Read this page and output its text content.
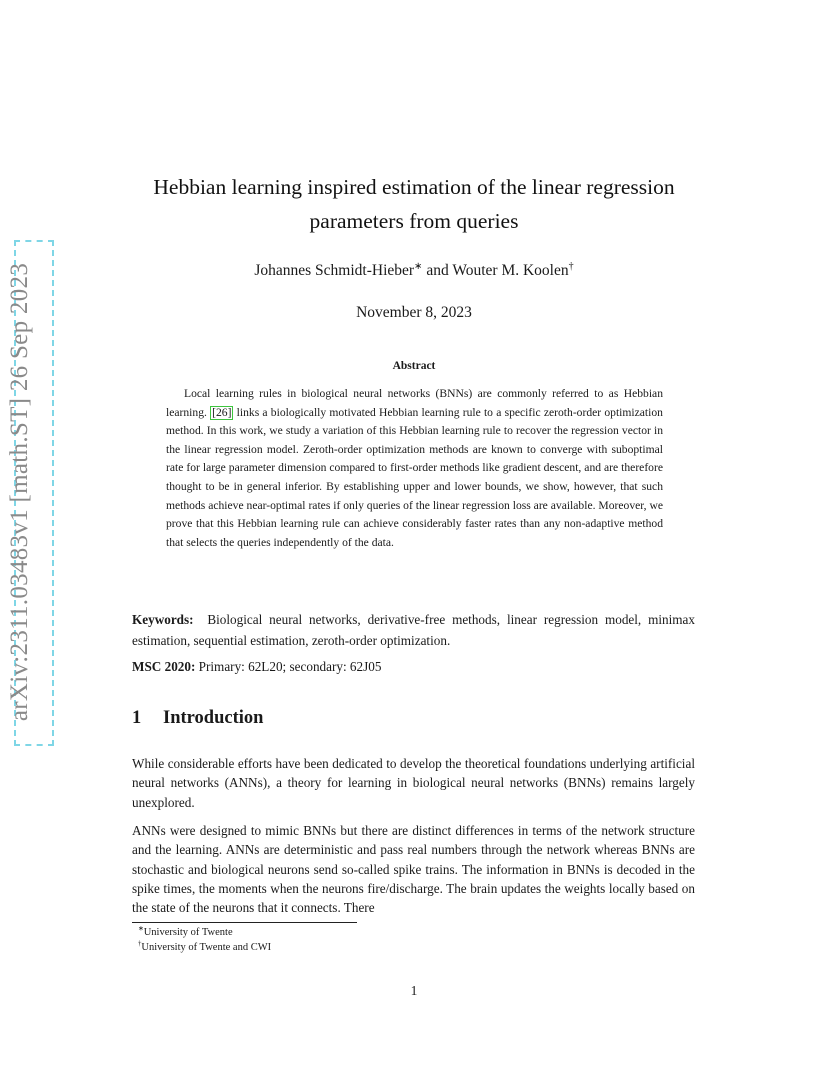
arXiv:2311.03483v1 [math.ST] 26 Sep 2023
Hebbian learning inspired estimation of the linear regression
parameters from queries
Johannes Schmidt-Hieber∗ and Wouter M. Koolen†
November 8, 2023
Abstract
Local learning rules in biological neural networks (BNNs) are commonly referred to as Hebbian learning. [26] links a biologically motivated Hebbian learning rule to a specific zeroth-order optimization method. In this work, we study a variation of this Hebbian learning rule to recover the regression vector in the linear regression model. Zeroth-order optimization methods are known to converge with suboptimal rate for large parameter dimension compared to first-order methods like gradient descent, and are therefore thought to be in general inferior. By establishing upper and lower bounds, we show, however, that such methods achieve near-optimal rates if only queries of the linear regression loss are available. Moreover, we prove that this Hebbian learning rule can achieve considerably faster rates than any non-adaptive method that selects the queries independently of the data.
Keywords: Biological neural networks, derivative-free methods, linear regression model, minimax estimation, sequential estimation, zeroth-order optimization.
MSC 2020: Primary: 62L20; secondary: 62J05
1 Introduction
While considerable efforts have been dedicated to develop the theoretical foundations underlying artificial neural networks (ANNs), a theory for learning in biological neural networks (BNNs) remains largely unexplored.
ANNs were designed to mimic BNNs but there are distinct differences in terms of the network structure and the learning. ANNs are deterministic and pass real numbers through the network whereas BNNs are stochastic and biological neurons send so-called spike trains. The information in BNNs is decoded in the spike times, the moments when the neurons fire/discharge. The brain updates the weights locally based on the state of the neurons that it connects. There
∗University of Twente
†University of Twente and CWI
1
